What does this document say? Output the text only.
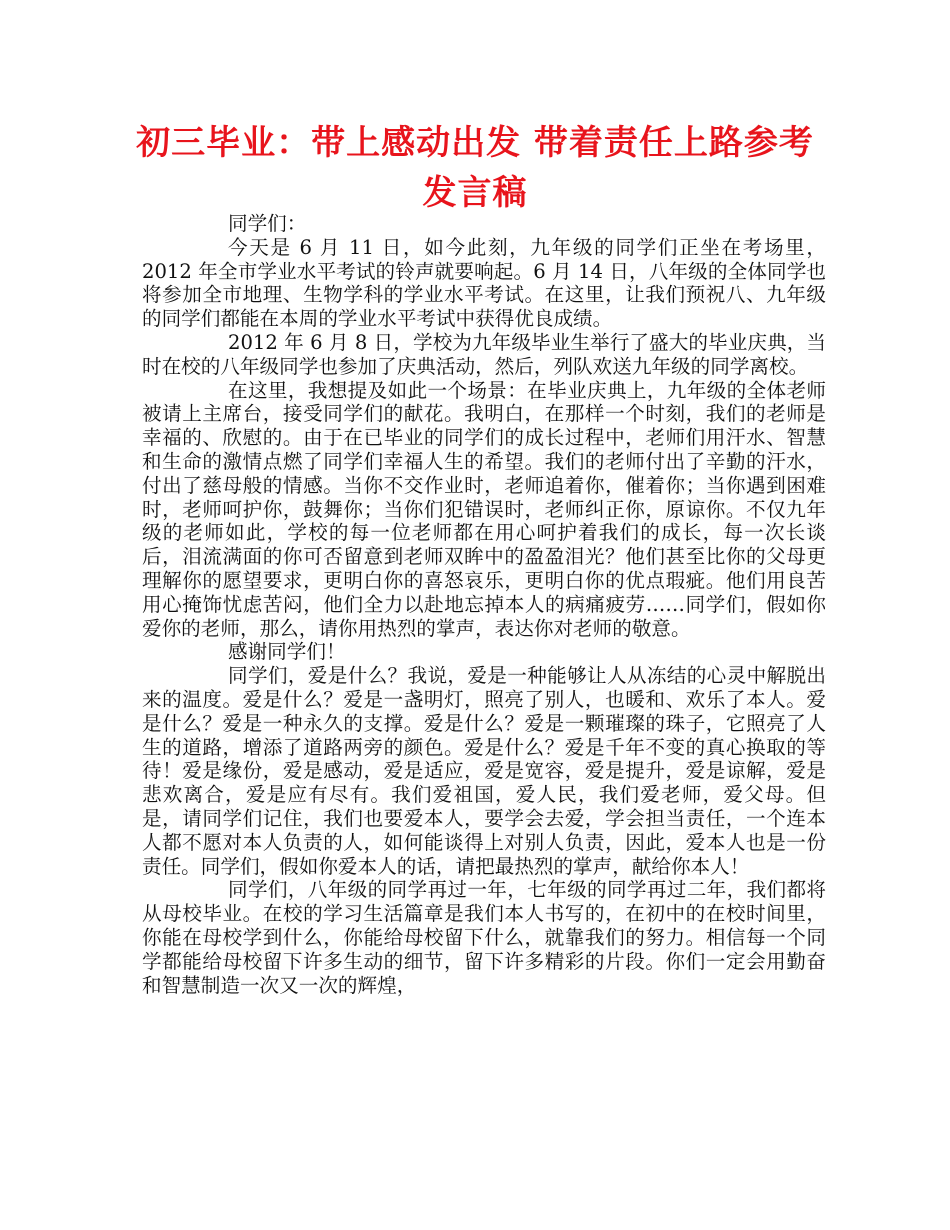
初三毕业：带上感动出发 带着责任上路参考发言稿

同学们：

今天是 6 月 11 日，如今此刻，九年级的同学们正坐在考场里，2012 年全市学业水平考试的铃声就要响起。6 月 14 日，八年级的全体同学也将参加全市地理、生物学科的学业水平考试。在这里，让我们预祝八、九年级的同学们都能在本周的学业水平考试中获得优良成绩。

2012 年 6 月 8 日，学校为九年级毕业生举行了盛大的毕业庆典，当时在校的八年级同学也参加了庆典活动，然后，列队欢送九年级的同学离校。

在这里，我想提及如此一个场景：在毕业庆典上，九年级的全体老师被请上主席台，接受同学们的献花。我明白，在那样一个时刻，我们的老师是幸福的、欣慰的。由于在已毕业的同学们的成长过程中，老师们用汗水、智慧和生命的激情点燃了同学们幸福人生的希望。我们的老师付出了辛勤的汗水，付出了慈母般的情感。当你不交作业时，老师追着你，催着你；当你遇到困难时，老师呵护你，鼓舞你；当你们犯错误时，老师纠正你，原谅你。不仅九年级的老师如此，学校的每一位老师都在用心呵护着我们的成长，每一次长谈后，泪流满面的你可否留意到老师双眸中的盈盈泪光？他们甚至比你的父母更理解你的愿望要求，更明白你的喜怒哀乐，更明白你的优点瑕疵。他们用良苦用心掩饰忧虑苦闷，他们全力以赴地忘掉本人的病痛疲劳……同学们，假如你爱你的老师，那么，请你用热烈的掌声，表达你对老师的敬意。

感谢同学们！

同学们，爱是什么？我说，爱是一种能够让人从冻结的心灵中解脱出来的温度。爱是什么？爱是一盏明灯，照亮了别人，也暖和、欢乐了本人。爱是什么？爱是一种永久的支撑。爱是什么？爱是一颗璀璨的珠子，它照亮了人生的道路，增添了道路两旁的颜色。爱是什么？爱是千年不变的真心换取的等待！爱是缘份，爱是感动，爱是适应，爱是宽容，爱是提升，爱是谅解，爱是悲欢离合，爱是应有尽有。我们爱祖国，爱人民，我们爱老师，爱父母。但是，请同学们记住，我们也要爱本人，要学会去爱，学会担当责任，一个连本人都不愿对本人负责的人，如何能谈得上对别人负责，因此，爱本人也是一份责任。同学们，假如你爱本人的话，请把最热烈的掌声，献给你本人！

同学们，八年级的同学再过一年，七年级的同学再过二年，我们都将从母校毕业。在校的学习生活篇章是我们本人书写的，在初中的在校时间里，你能在母校学到什么，你能给母校留下什么，就靠我们的努力。相信每一个同学都能给母校留下许多生动的细节，留下许多精彩的片段。你们一定会用勤奋和智慧制造一次又一次的辉煌，
